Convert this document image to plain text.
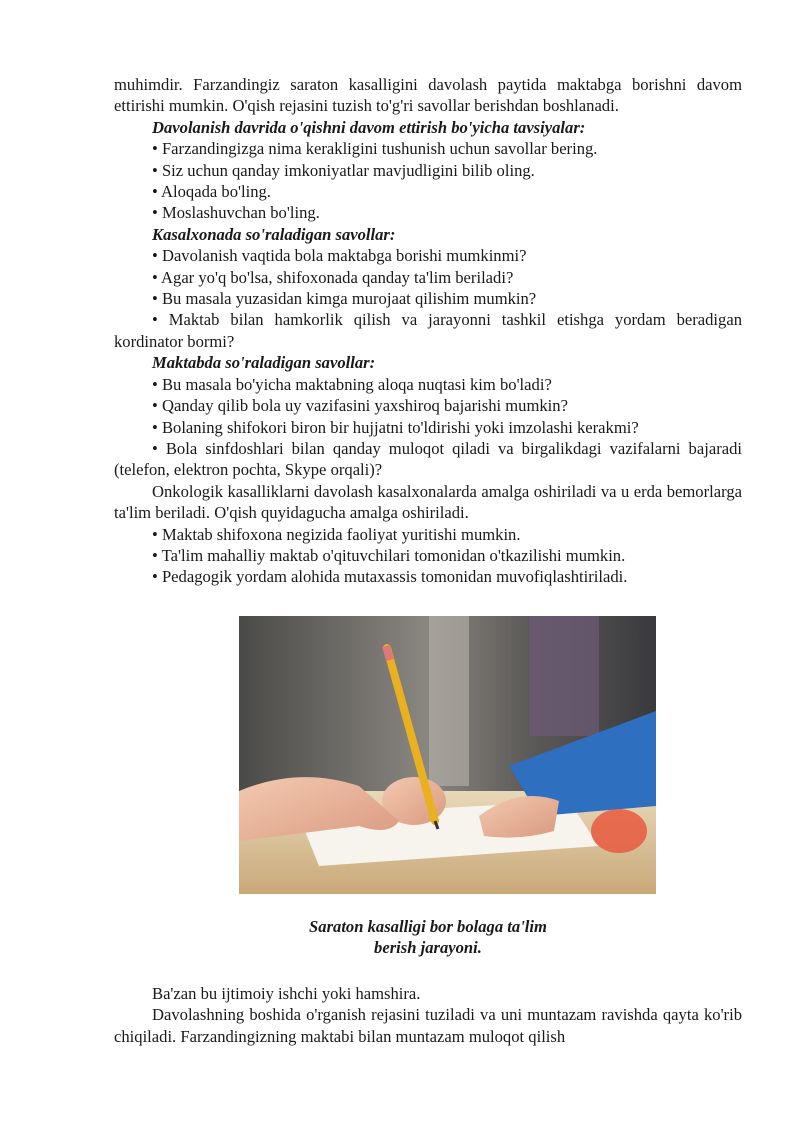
muhimdir. Farzandingiz saraton kasalligini davolash paytida maktabga borishni davom ettirishi mumkin. O'qish rejasini tuzish to'g'ri savollar berishdan boshlanadi.

Davolanish davrida o'qishni davom ettirish bo'yicha tavsiyalar:

• Farzandingizga nima kerakligini tushunish uchun savollar bering.

• Siz uchun qanday imkoniyatlar mavjudligini bilib oling.

• Aloqada bo'ling.

• Moslashuvchan bo'ling.

Kasalxonada so'raladigan savollar:

• Davolanish vaqtida bola maktabga borishi mumkinmi?

• Agar yo'q bo'lsa, shifoxonada qanday ta'lim beriladi?

• Bu masala yuzasidan kimga murojaat qilishim mumkin?

• Maktab bilan hamkorlik qilish va jarayonni tashkil etishga yordam beradigan kordinator bormi?

Maktabda so'raladigan savollar:

• Bu masala bo'yicha maktabning aloqa nuqtasi kim bo'ladi?

• Qanday qilib bola uy vazifasini yaxshiroq bajarishi mumkin?

• Bolaning shifokori biron bir hujjatni to'ldirishi yoki imzolashi kerakmi?

• Bola sinfdoshlari bilan qanday muloqot qiladi va birgalikdagi vazifalarni bajaradi (telefon, elektron pochta, Skype orqali)?

Onkologik kasalliklarni davolash kasalxonalarda amalga oshiriladi va u erda bemorlarga ta'lim beriladi. O'qish quyidagucha amalga oshiriladi.

• Maktab shifoxona negizida faoliyat yuritishi mumkin.

• Ta'lim mahalliy maktab o'qituvchilari tomonidan o'tkazilishi mumkin.

• Pedagogik yordam alohida mutaxassis tomonidan muvofiqlashtiriladi.

Saraton kasalligi bor bolaga ta'lim
berish jarayoni.

Ba'zan bu ijtimoiy ishchi yoki hamshira.

Davolashning boshida o'rganish rejasini tuziladi va uni muntazam ravishda qayta ko'rib chiqiladi. Farzandingizning maktabi bilan muntazam muloqot qilish
